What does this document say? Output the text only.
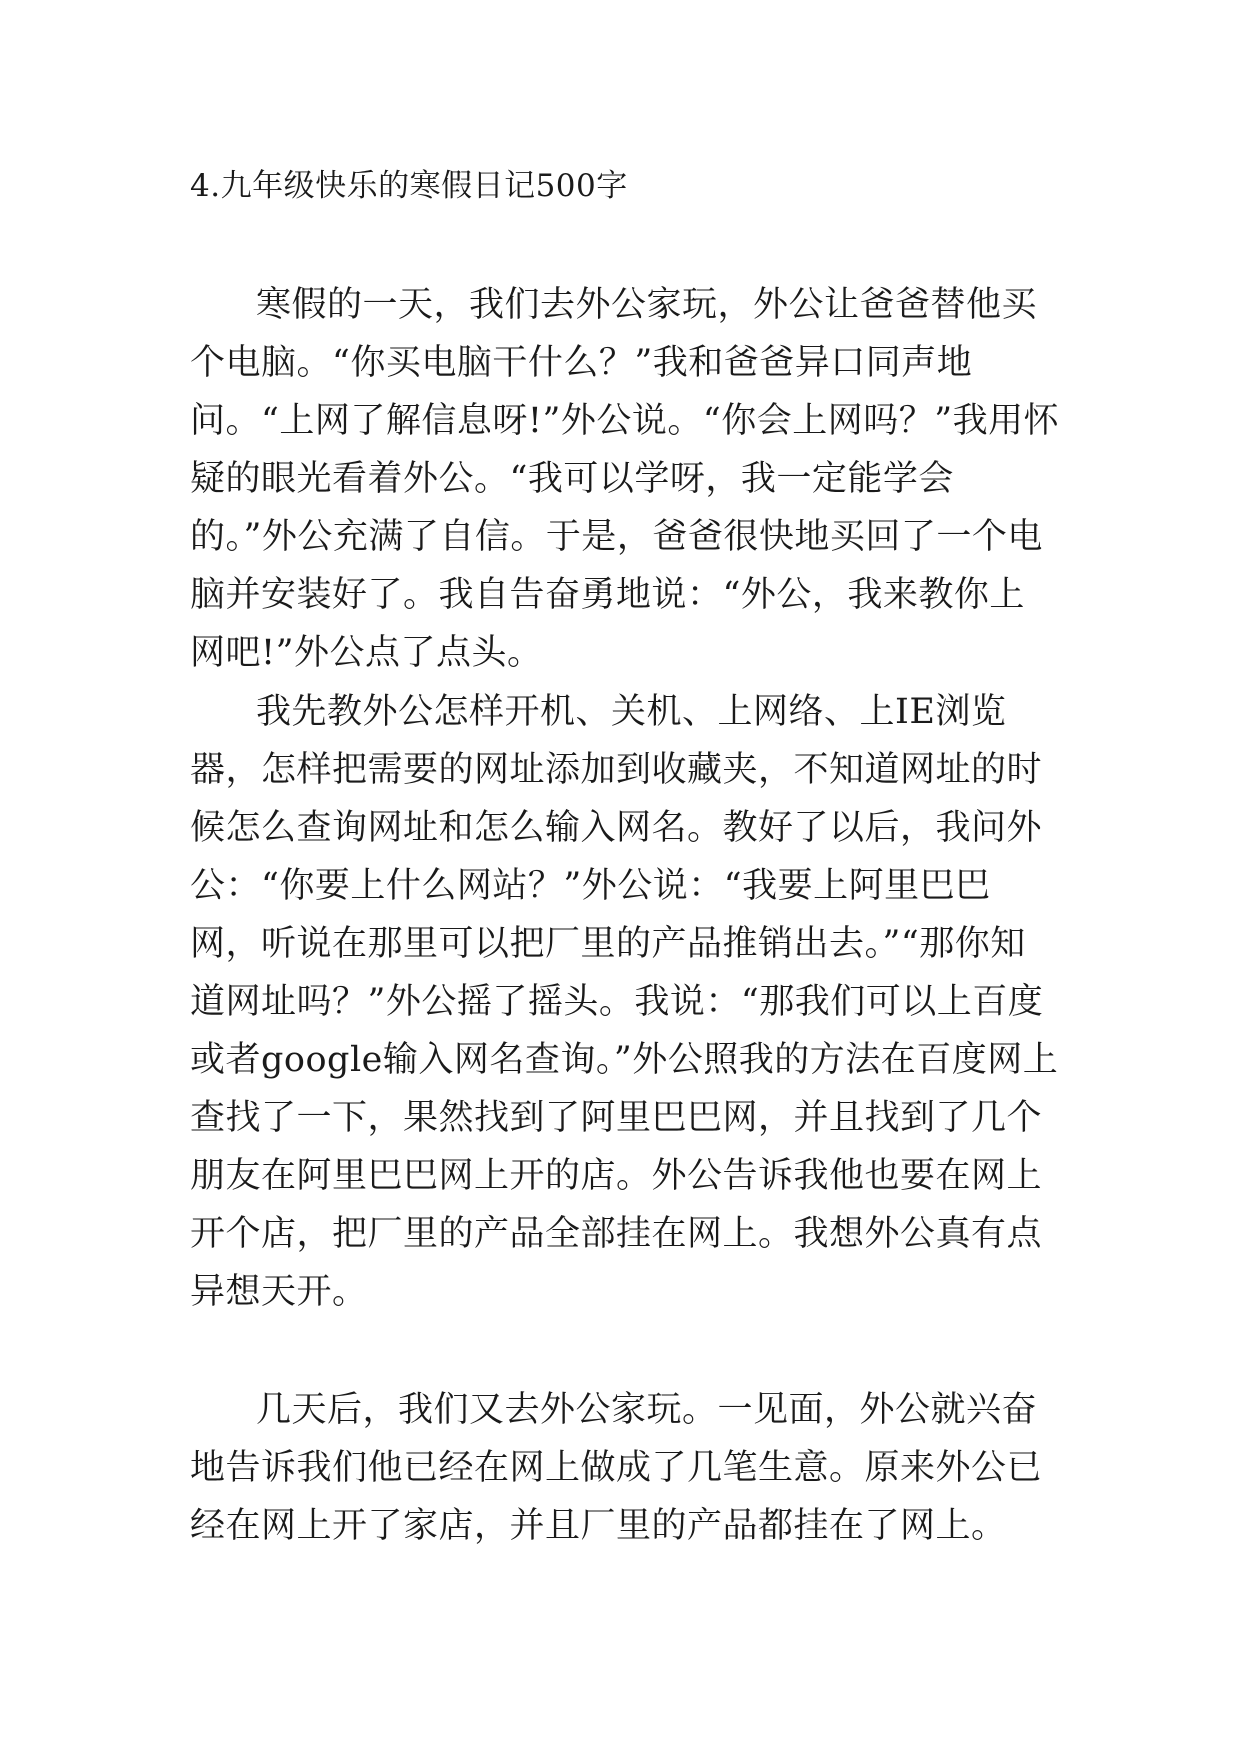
4.九年级快乐的寒假日记500字

寒假的一天，我们去外公家玩，外公让爸爸替他买个电脑。“你买电脑干什么？”我和爸爸异口同声地问。“上网了解信息呀!”外公说。“你会上网吗？”我用怀疑的眼光看着外公。“我可以学呀，我一定能学会的。”外公充满了自信。于是，爸爸很快地买回了一个电脑并安装好了。我自告奋勇地说：“外公，我来教你上网吧!”外公点了点头。

我先教外公怎样开机、关机、上网络、上IE浏览器，怎样把需要的网址添加到收藏夹，不知道网址的时候怎么查询网址和怎么输入网名。教好了以后，我问外公：“你要上什么网站？”外公说：“我要上阿里巴巴网，听说在那里可以把厂里的产品推销出去。”“那你知道网址吗？”外公摇了摇头。我说：“那我们可以上百度或者google输入网名查询。”外公照我的方法在百度网上查找了一下，果然找到了阿里巴巴网，并且找到了几个朋友在阿里巴巴网上开的店。外公告诉我他也要在网上开个店，把厂里的产品全部挂在网上。我想外公真有点异想天开。

几天后，我们又去外公家玩。一见面，外公就兴奋地告诉我们他已经在网上做成了几笔生意。原来外公已经在网上开了家店，并且厂里的产品都挂在了网上。
